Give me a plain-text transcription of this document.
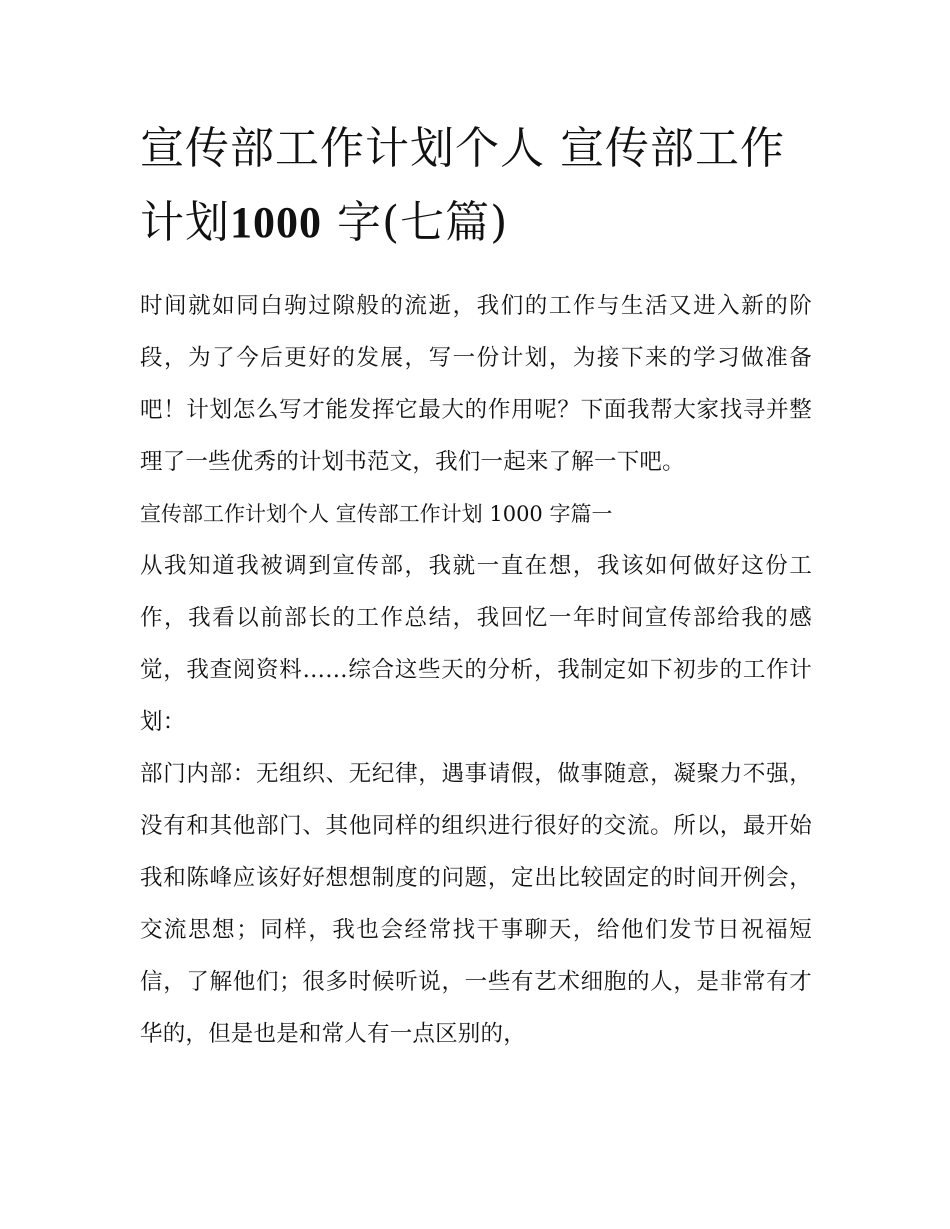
宣传部工作计划个人 宣传部工作计划1000 字(七篇)

时间就如同白驹过隙般的流逝，我们的工作与生活又进入新的阶段，为了今后更好的发展，写一份计划，为接下来的学习做准备吧！计划怎么写才能发挥它最大的作用呢？下面我帮大家找寻并整理了一些优秀的计划书范文，我们一起来了解一下吧。

宣传部工作计划个人 宣传部工作计划 1000 字篇一

从我知道我被调到宣传部，我就一直在想，我该如何做好这份工作，我看以前部长的工作总结，我回忆一年时间宣传部给我的感觉，我查阅资料……综合这些天的分析，我制定如下初步的工作计划：

部门内部：无组织、无纪律，遇事请假，做事随意，凝聚力不强，没有和其他部门、其他同样的组织进行很好的交流。所以，最开始我和陈峰应该好好想想制度的问题，定出比较固定的时间开例会，交流思想；同样，我也会经常找干事聊天，给他们发节日祝福短信，了解他们；很多时候听说，一些有艺术细胞的人，是非常有才华的，但是也是和常人有一点区别的，
